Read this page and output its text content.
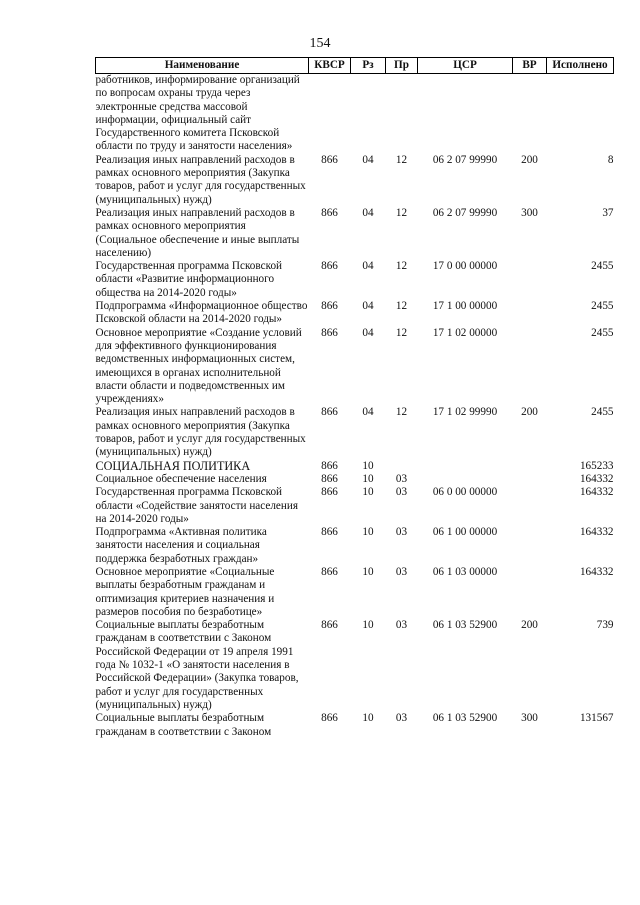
154
Наименование	КВСР	Рз	Пр	ЦСР	ВР	Исполнено
работников, информирование организаций по вопросам охраны труда через электронные средства массовой информации, официальный сайт Государственного комитета Псковской области по труду и занятости населения»						
Реализация иных направлений расходов в рамках основного мероприятия (Закупка товаров, работ и услуг для государственных (муниципальных) нужд)	866	04	12	06 2 07 99990	200	8
Реализация иных направлений расходов в рамках основного мероприятия (Социальное обеспечение и иные выплаты населению)	866	04	12	06 2 07 99990	300	37
Государственная программа Псковской области «Развитие информационного общества на 2014-2020 годы»	866	04	12	17 0 00 00000		2455
Подпрограмма «Информационное общество Псковской области на 2014-2020 годы»	866	04	12	17 1 00 00000		2455
Основное мероприятие «Создание условий для эффективного функционирования ведомственных информационных систем, имеющихся в органах исполнительной власти области и подведомственных им учреждениях»	866	04	12	17 1 02 00000		2455
Реализация иных направлений расходов в рамках основного мероприятия (Закупка товаров, работ и услуг для государственных (муниципальных) нужд)	866	04	12	17 1 02 99990	200	2455
СОЦИАЛЬНАЯ ПОЛИТИКА	866	10				165233
Социальное обеспечение населения	866	10	03			164332
Государственная программа Псковской области «Содействие занятости населения на 2014-2020 годы»	866	10	03	06 0 00 00000		164332
Подпрограмма «Активная политика занятости населения и социальная поддержка безработных граждан»	866	10	03	06 1 00 00000		164332
Основное мероприятие «Социальные выплаты безработным гражданам и оптимизация критериев назначения и размеров пособия по безработице»	866	10	03	06 1 03 00000		164332
Социальные выплаты безработным гражданам в соответствии с Законом Российской Федерации от 19 апреля 1991 года № 1032-1 «О занятости населения в Российской Федерации» (Закупка товаров, работ и услуг для государственных (муниципальных) нужд)	866	10	03	06 1 03 52900	200	739
Социальные выплаты безработным гражданам в соответствии с Законом	866	10	03	06 1 03 52900	300	131567
